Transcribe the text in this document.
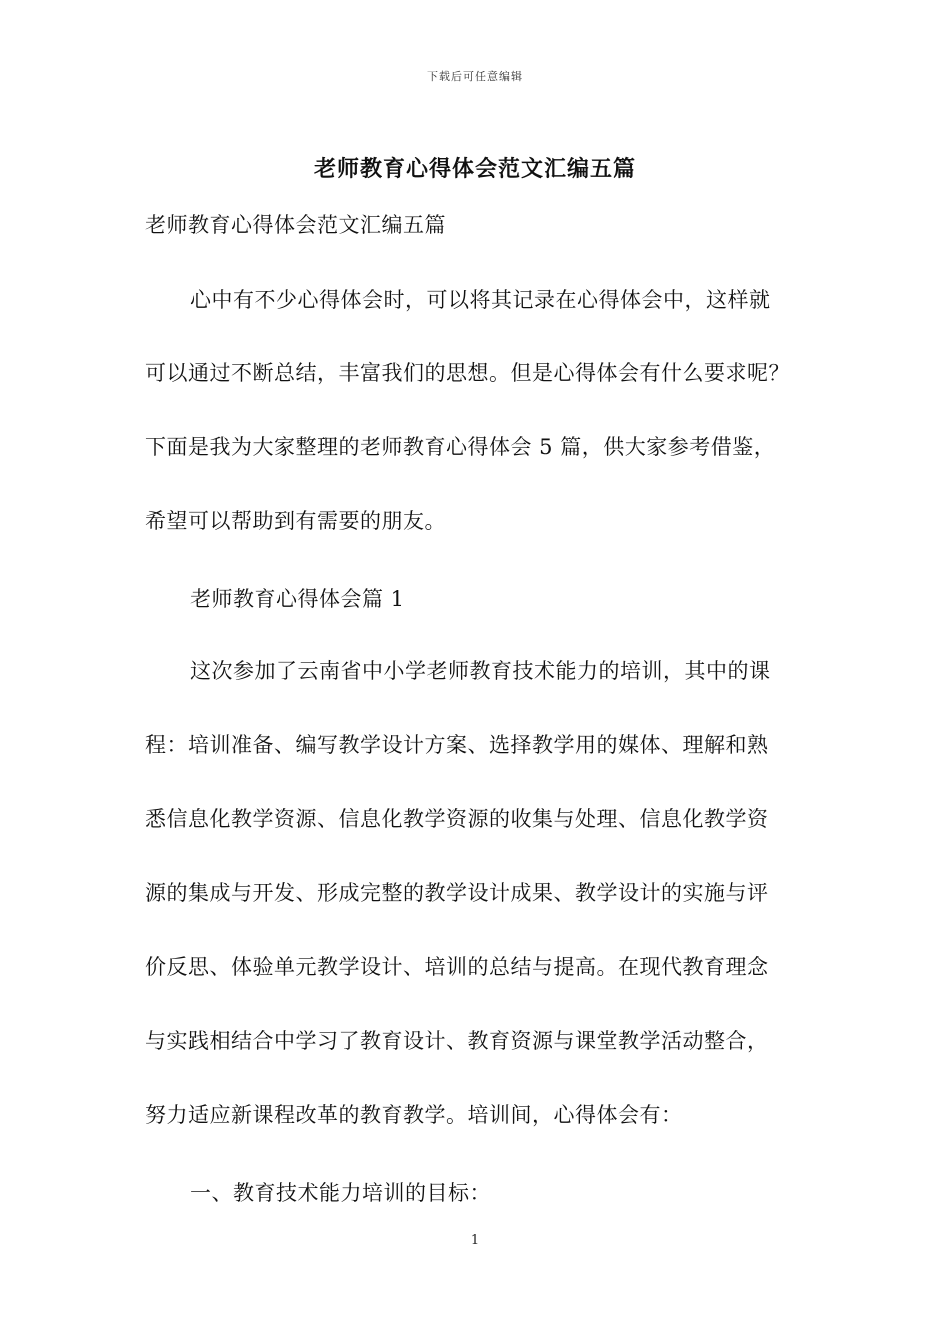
下载后可任意编辑
老师教育心得体会范文汇编五篇
老师教育心得体会范文汇编五篇
心中有不少心得体会时，可以将其记录在心得体会中，这样就
可以通过不断总结，丰富我们的思想。但是心得体会有什么要求呢？
下面是我为大家整理的老师教育心得体会 5 篇，供大家参考借鉴，
希望可以帮助到有需要的朋友。
老师教育心得体会篇 1
这次参加了云南省中小学老师教育技术能力的培训，其中的课
程：培训准备、编写教学设计方案、选择教学用的媒体、理解和熟
悉信息化教学资源、信息化教学资源的收集与处理、信息化教学资
源的集成与开发、形成完整的教学设计成果、教学设计的实施与评
价反思、体验单元教学设计、培训的总结与提高。在现代教育理念
与实践相结合中学习了教育设计、教育资源与课堂教学活动整合，
努力适应新课程改革的教育教学。培训间，心得体会有：
一、教育技术能力培训的目标：
1
